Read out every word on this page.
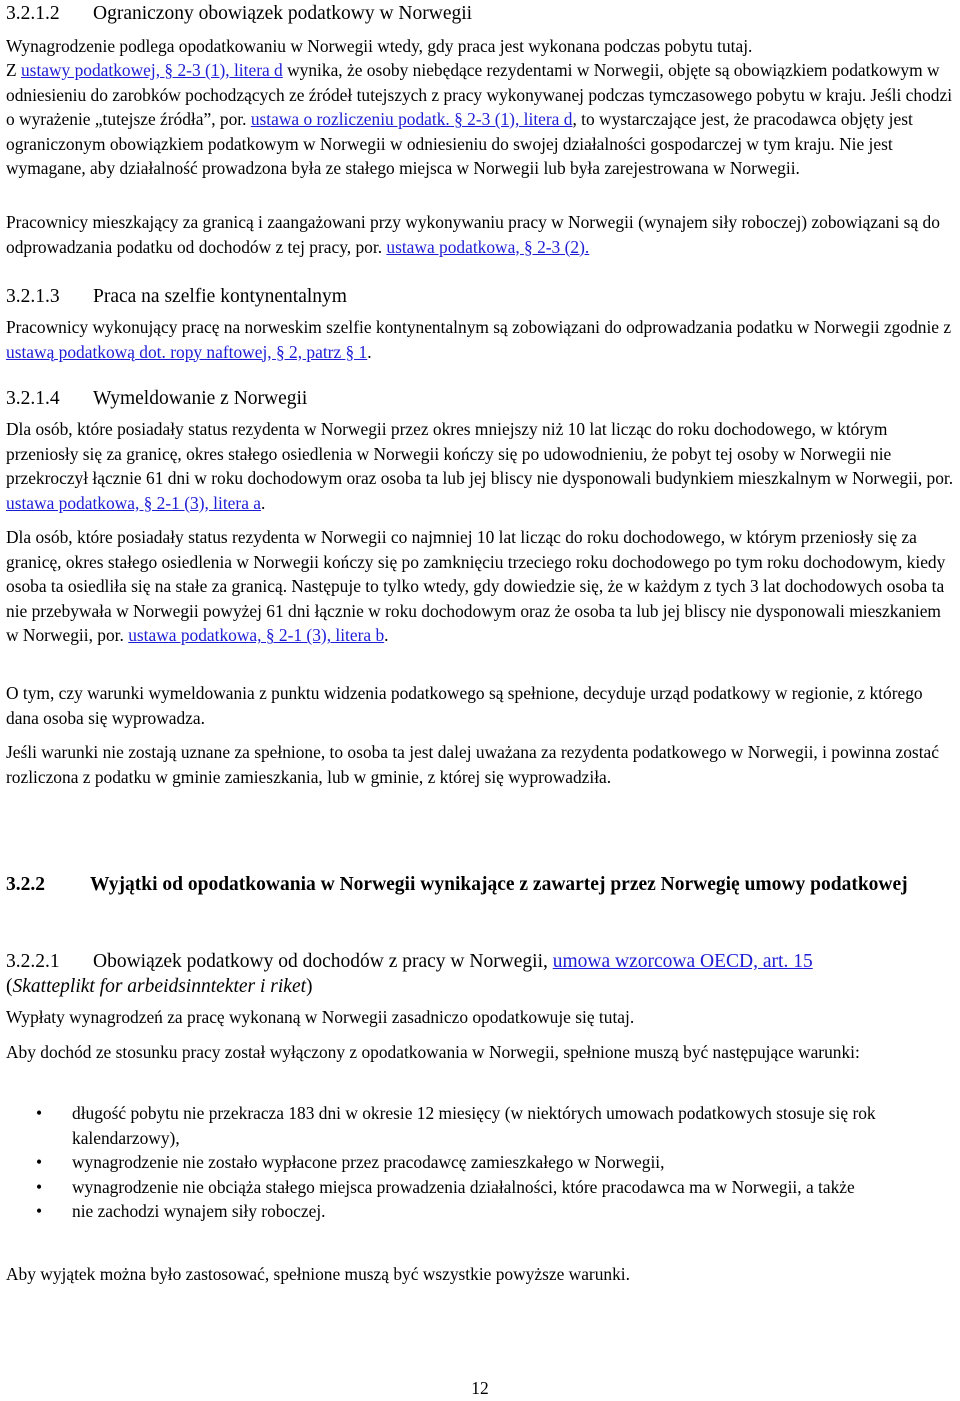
3.2.1.2 Ograniczony obowiązek podatkowy w Norwegii

Wynagrodzenie podlega opodatkowaniu w Norwegii wtedy, gdy praca jest wykonana podczas pobytu tutaj.

Z ustawy podatkowej, § 2-3 (1), litera d wynika, że osoby niebędące rezydentami w Norwegii, objęte są obowiązkiem podatkowym w odniesieniu do zarobków pochodzących ze źródeł tutejszych z pracy wykonywanej podczas tymczasowego pobytu w kraju. Jeśli chodzi o wyrażenie „tutejsze źródła”, por. ustawa o rozliczeniu podatk. § 2-3 (1), litera d, to wystarczające jest, że pracodawca objęty jest ograniczonym obowiązkiem podatkowym w Norwegii w odniesieniu do swojej działalności gospodarczej w tym kraju. Nie jest wymagane, aby działalność prowadzona była ze stałego miejsca w Norwegii lub była zarejestrowana w Norwegii.

Pracownicy mieszkający za granicą i zaangażowani przy wykonywaniu pracy w Norwegii (wynajem siły roboczej) zobowiązani są do odprowadzania podatku od dochodów z tej pracy, por. ustawa podatkowa, § 2-3 (2).

3.2.1.3 Praca na szelfie kontynentalnym

Pracownicy wykonujący pracę na norweskim szelfie kontynentalnym są zobowiązani do odprowadzania podatku w Norwegii zgodnie z ustawą podatkową dot. ropy naftowej, § 2, patrz § 1.

3.2.1.4 Wymeldowanie z Norwegii

Dla osób, które posiadały status rezydenta w Norwegii przez okres mniejszy niż 10 lat licząc do roku dochodowego, w którym przeniosły się za granicę, okres stałego osiedlenia w Norwegii kończy się po udowodnieniu, że pobyt tej osoby w Norwegii nie przekroczył łącznie 61 dni w roku dochodowym oraz osoba ta lub jej bliscy nie dysponowali budynkiem mieszkalnym w Norwegii, por. ustawa podatkowa, § 2-1 (3), litera a.

Dla osób, które posiadały status rezydenta w Norwegii co najmniej 10 lat licząc do roku dochodowego, w którym przeniosły się za granicę, okres stałego osiedlenia w Norwegii kończy się po zamknięciu trzeciego roku dochodowego po tym roku dochodowym, kiedy osoba ta osiedliła się na stałe za granicą. Następuje to tylko wtedy, gdy dowiedzie się, że w każdym z tych 3 lat dochodowych osoba ta nie przebywała w Norwegii powyżej 61 dni łącznie w roku dochodowym oraz że osoba ta lub jej bliscy nie dysponowali mieszkaniem w Norwegii, por. ustawa podatkowa, § 2-1 (3), litera b.

O tym, czy warunki wymeldowania z punktu widzenia podatkowego są spełnione, decyduje urząd podatkowy w regionie, z którego dana osoba się wyprowadza.

Jeśli warunki nie zostają uznane za spełnione, to osoba ta jest dalej uważana za rezydenta podatkowego w Norwegii, i powinna zostać rozliczona z podatku w gminie zamieszkania, lub w gminie, z której się wyprowadziła.

3.2.2 Wyjątki od opodatkowania w Norwegii wynikające z zawartej przez Norwegię umowy podatkowej

3.2.2.1 Obowiązek podatkowy od dochodów z pracy w Norwegii, umowa wzorcowa OECD, art. 15
(Skatteplikt for arbeidsinntekter i riket)

Wypłaty wynagrodzeń za pracę wykonaną w Norwegii zasadniczo opodatkowuje się tutaj.

Aby dochód ze stosunku pracy został wyłączony z opodatkowania w Norwegii, spełnione muszą być następujące warunki:

• długość pobytu nie przekracza 183 dni w okresie 12 miesięcy (w niektórych umowach podatkowych stosuje się rok kalendarzowy),
• wynagrodzenie nie zostało wypłacone przez pracodawcę zamieszkałego w Norwegii,
• wynagrodzenie nie obciąża stałego miejsca prowadzenia działalności, które pracodawca ma w Norwegii, a także
• nie zachodzi wynajem siły roboczej.

Aby wyjątek można było zastosować, spełnione muszą być wszystkie powyższe warunki.

12
